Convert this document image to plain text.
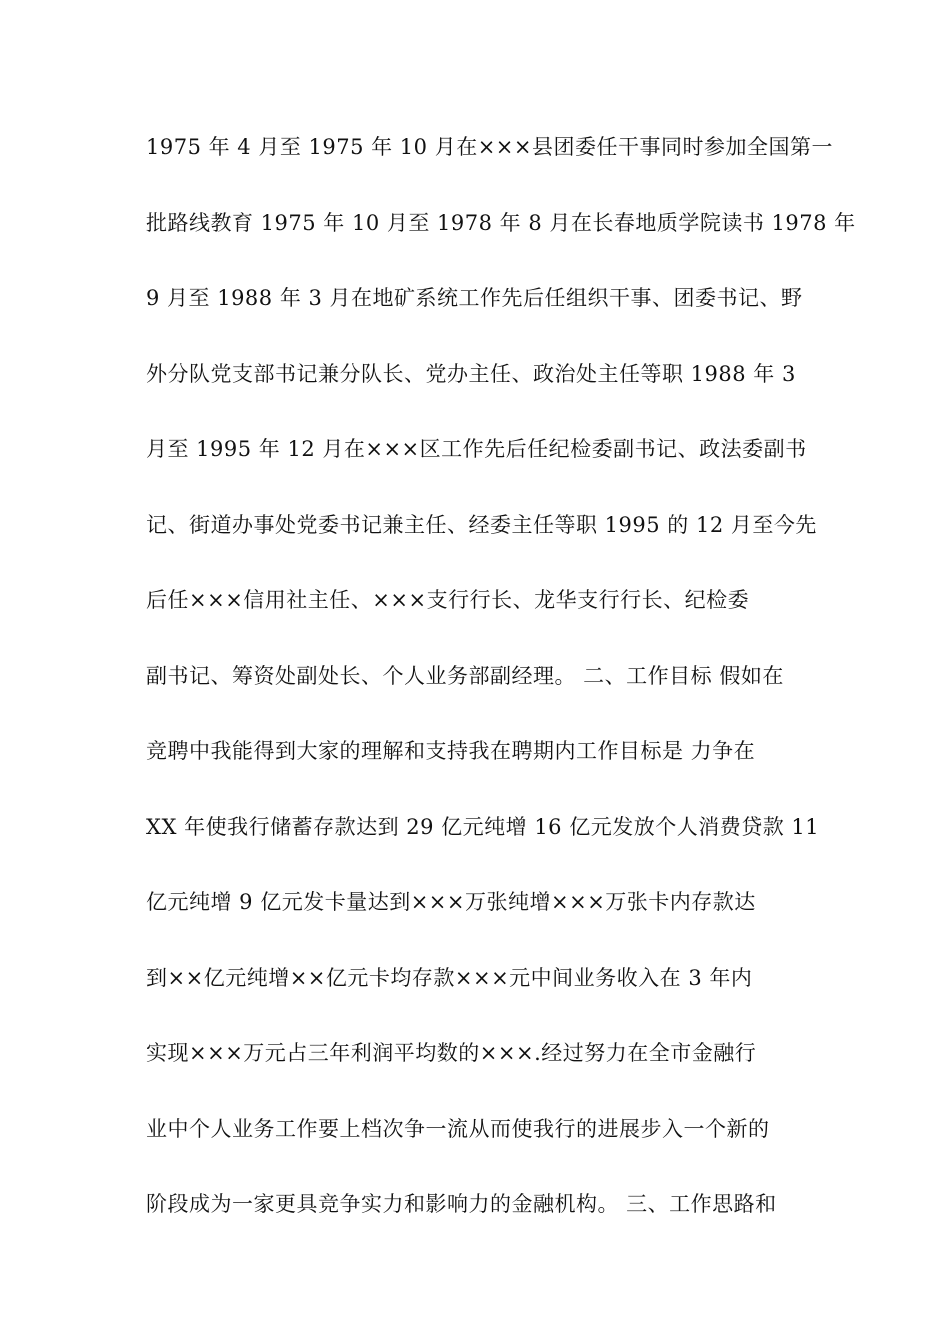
1975 年 4 月至 1975 年 10 月在×××县团委任干事同时参加全国第一
批路线教育 1975 年 10 月至 1978 年 8 月在长春地质学院读书 1978 年
9 月至 1988 年 3 月在地矿系统工作先后任组织干事、团委书记、野
外分队党支部书记兼分队长、党办主任、政治处主任等职 1988 年 3
月至 1995 年 12 月在×××区工作先后任纪检委副书记、政法委副书
记、街道办事处党委书记兼主任、经委主任等职 1995 的 12 月至今先
后任×××信用社主任、×××支行行长、龙华支行行长、纪检委
副书记、筹资处副处长、个人业务部副经理。 二、工作目标 假如在
竞聘中我能得到大家的理解和支持我在聘期内工作目标是 力争在
XX 年使我行储蓄存款达到 29 亿元纯增 16 亿元发放个人消费贷款 11
亿元纯增 9 亿元发卡量达到×××万张纯增×××万张卡内存款达
到××亿元纯增××亿元卡均存款×××元中间业务收入在 3 年内
实现×××万元占三年利润平均数的×××.经过努力在全市金融行
业中个人业务工作要上档次争一流从而使我行的进展步入一个新的
阶段成为一家更具竞争实力和影响力的金融机构。 三、工作思路和
